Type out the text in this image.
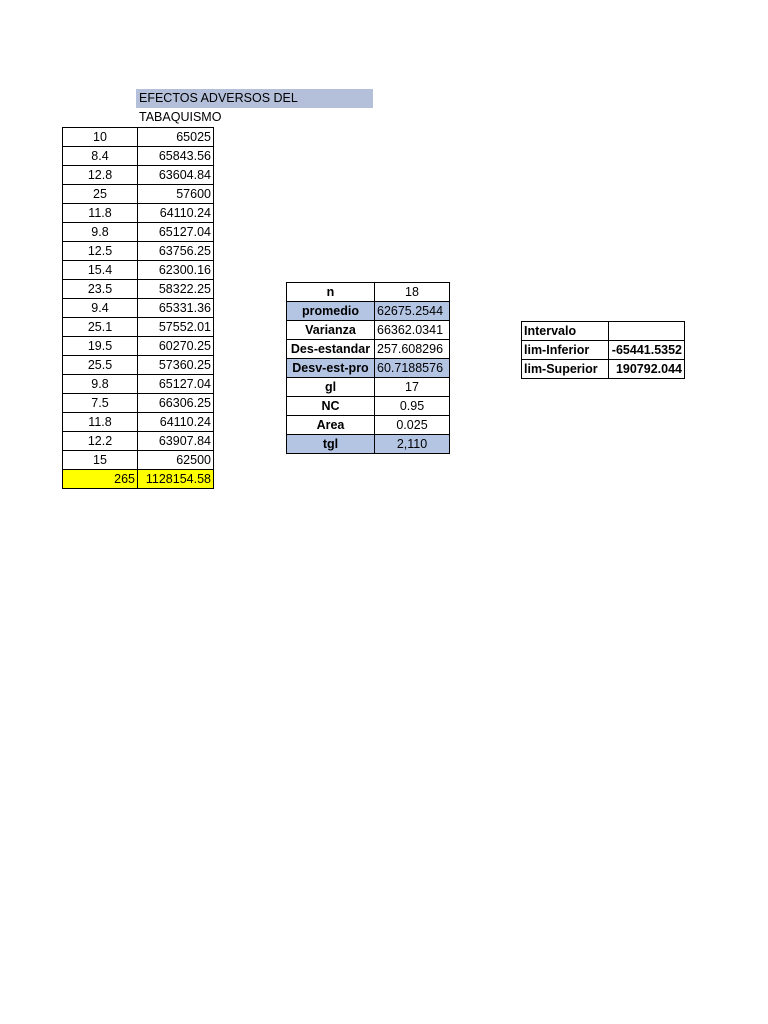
EFECTOS ADVERSOS DEL TABAQUISMO
10	65025
8.4	65843.56
12.8	63604.84
25	57600
11.8	64110.24
9.8	65127.04
12.5	63756.25
15.4	62300.16
23.5	58322.25
9.4	65331.36
25.1	57552.01
19.5	60270.25
25.5	57360.25
9.8	65127.04
7.5	66306.25
11.8	64110.24
12.2	63907.84
15	62500
265	1128154.58
n	18
promedio	62675.2544
Varianza	66362.0341
Des-estandar	257.608296
Desv-est-pro	60.7188576
gl	17
NC	0.95
Area	0.025
tgl	2,110
Intervalo	
lim-Inferior	-65441.5352
lim-Superior	190792.044
